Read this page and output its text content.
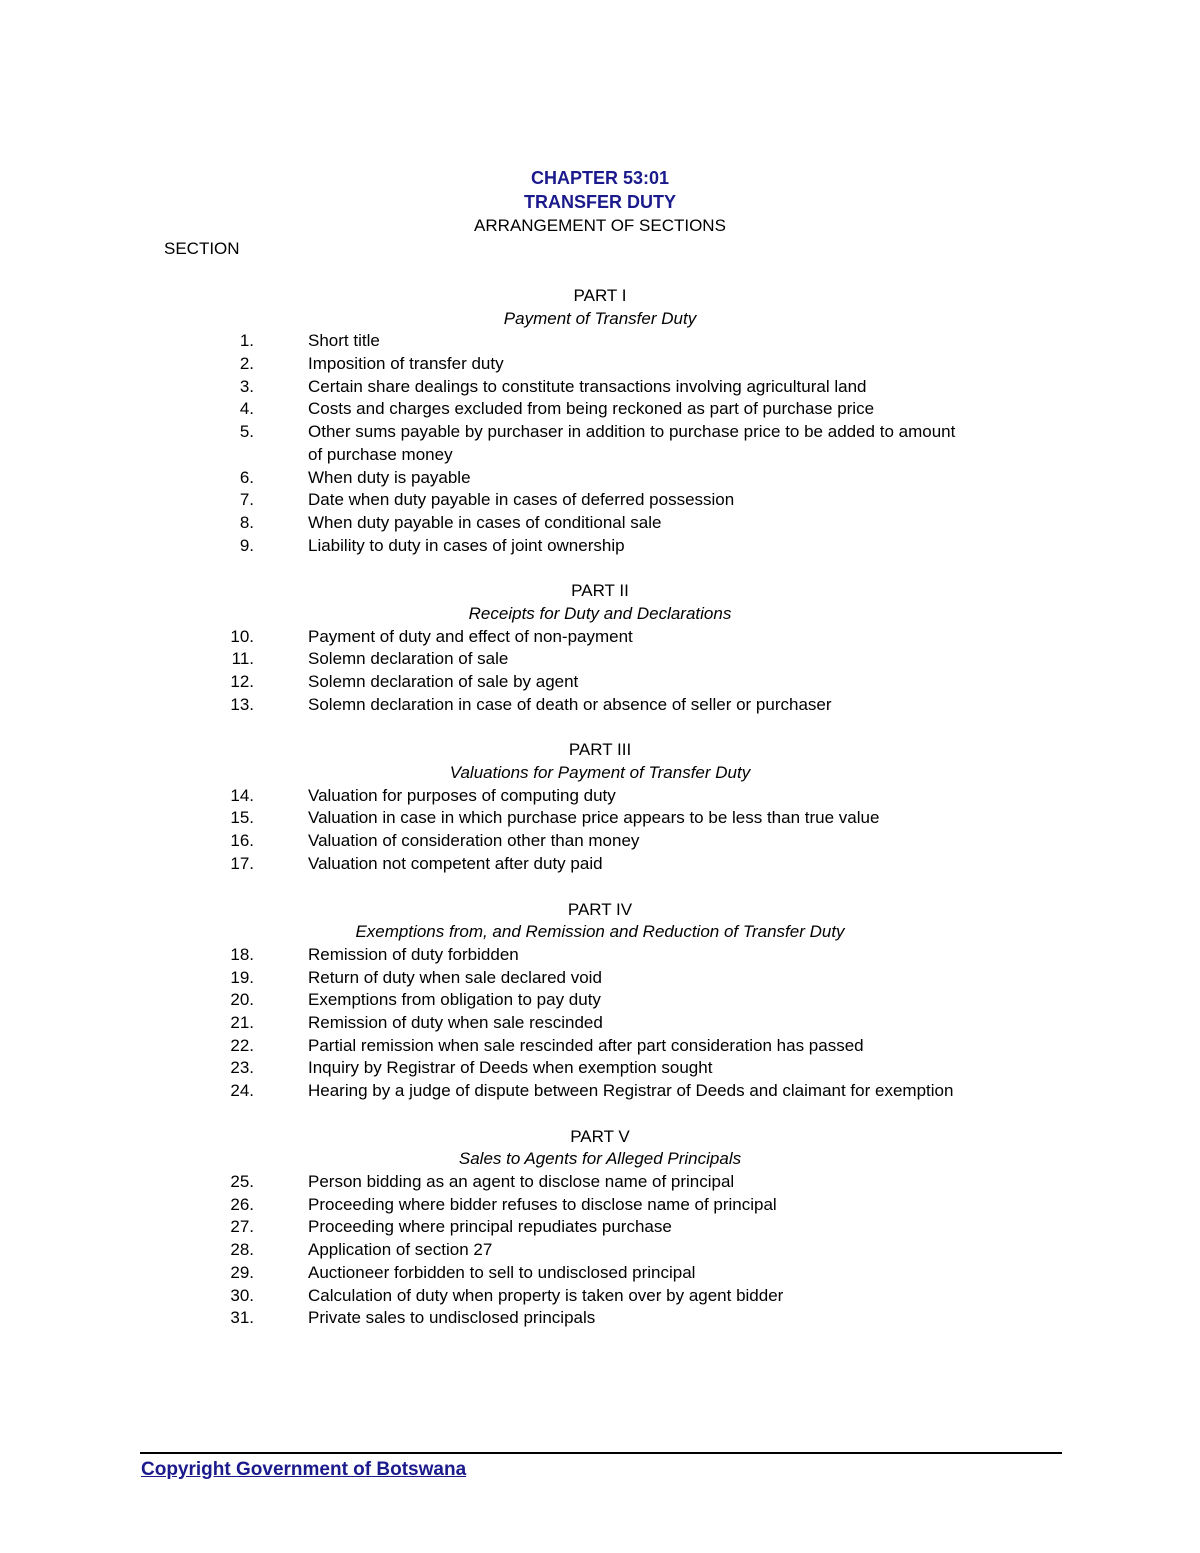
CHAPTER 53:01
TRANSFER DUTY
ARRANGEMENT OF SECTIONS
SECTION
PART I
Payment of Transfer Duty
1.	Short title
2.	Imposition of transfer duty
3.	Certain share dealings to constitute transactions involving agricultural land
4.	Costs and charges excluded from being reckoned as part of purchase price
5.	Other sums payable by purchaser in addition to purchase price to be added to amount
of purchase money
6.	When duty is payable
7.	Date when duty payable in cases of deferred possession
8.	When duty payable in cases of conditional sale
9.	Liability to duty in cases of joint ownership
PART II
Receipts for Duty and Declarations
10.	Payment of duty and effect of non-payment
11.	Solemn declaration of sale
12.	Solemn declaration of sale by agent
13.	Solemn declaration in case of death or absence of seller or purchaser
PART III
Valuations for Payment of Transfer Duty
14.	Valuation for purposes of computing duty
15.	Valuation in case in which purchase price appears to be less than true value
16.	Valuation of consideration other than money
17.	Valuation not competent after duty paid
PART IV
Exemptions from, and Remission and Reduction of Transfer Duty
18.	Remission of duty forbidden
19.	Return of duty when sale declared void
20.	Exemptions from obligation to pay duty
21.	Remission of duty when sale rescinded
22.	Partial remission when sale rescinded after part consideration has passed
23.	Inquiry by Registrar of Deeds when exemption sought
24.	Hearing by a judge of dispute between Registrar of Deeds and claimant for exemption
PART V
Sales to Agents for Alleged Principals
25.	Person bidding as an agent to disclose name of principal
26.	Proceeding where bidder refuses to disclose name of principal
27.	Proceeding where principal repudiates purchase
28.	Application of section 27
29.	Auctioneer forbidden to sell to undisclosed principal
30.	Calculation of duty when property is taken over by agent bidder
31.	Private sales to undisclosed principals
Copyright Government of Botswana
